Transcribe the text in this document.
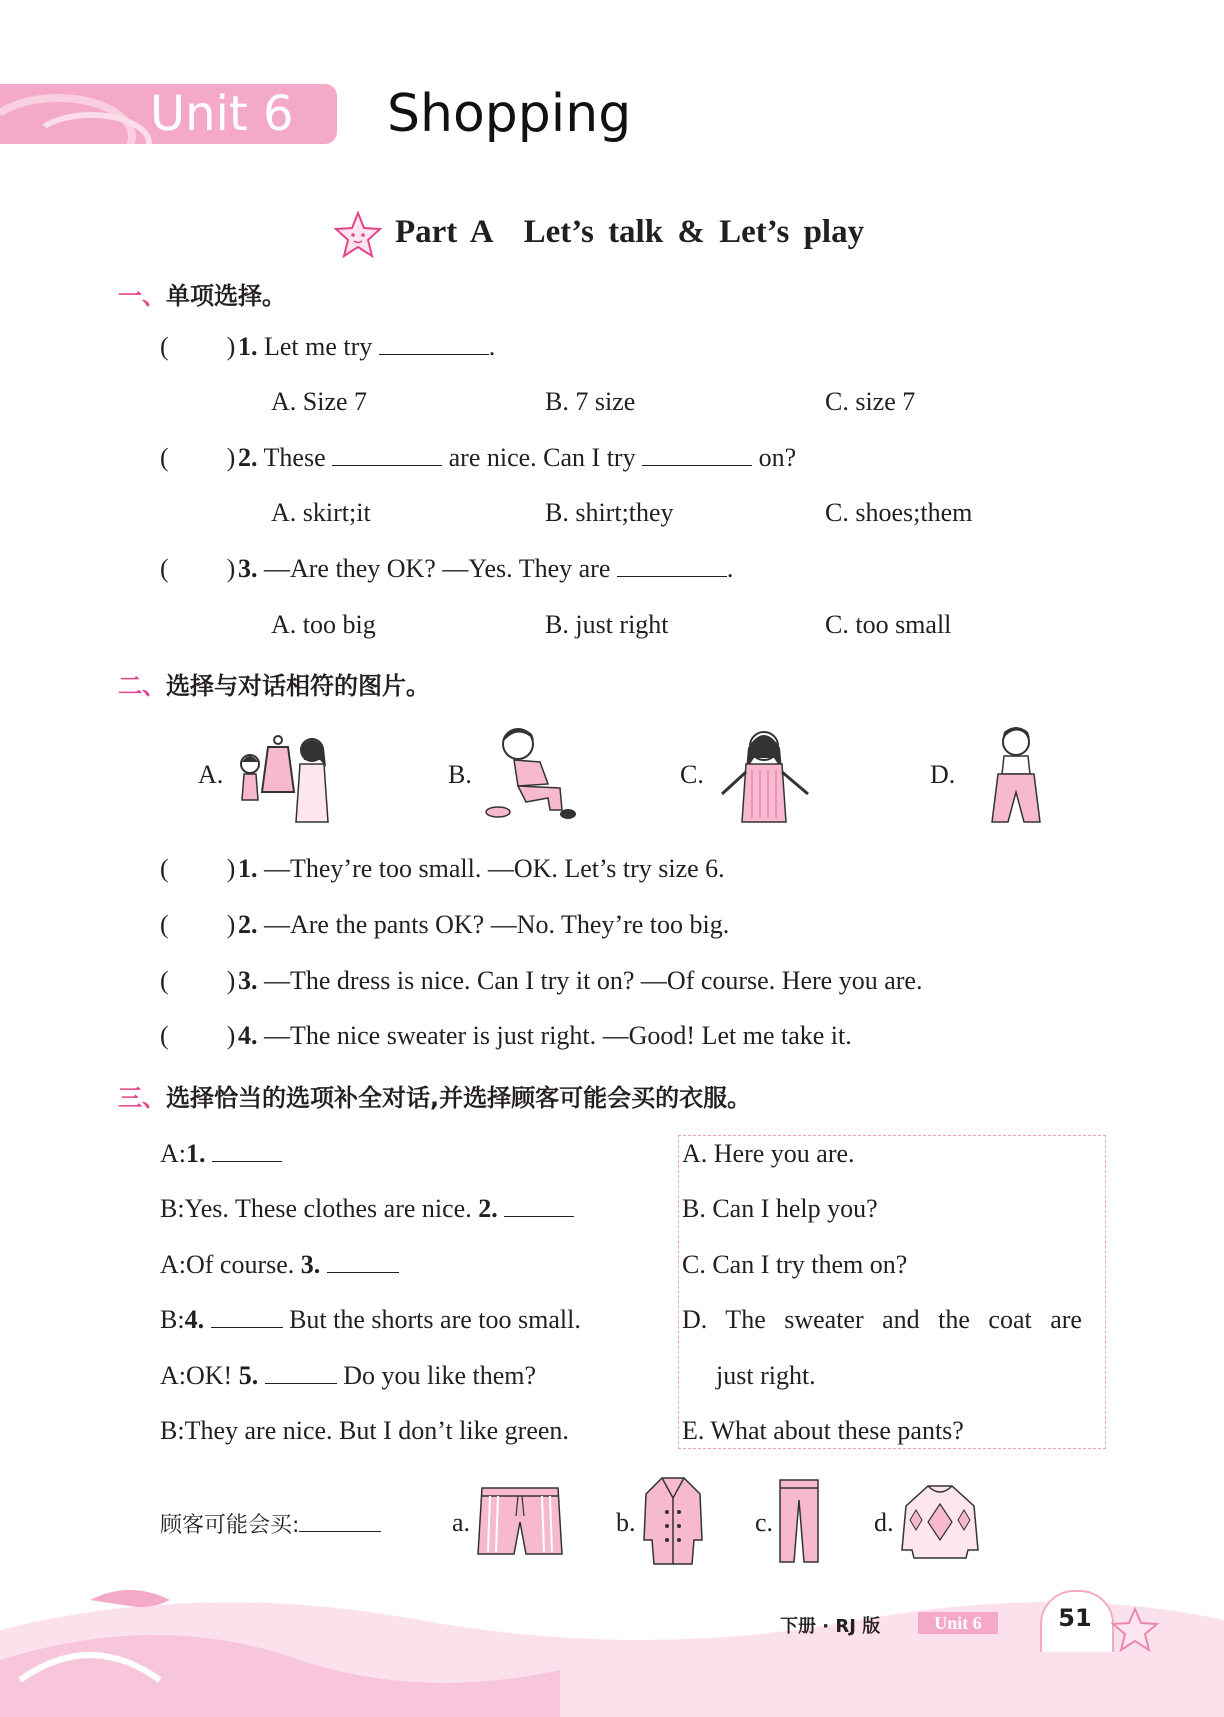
Unit 6 Shopping
Part A Let’s talk & Let’s play
一、单项选择。
( ) 1. Let me try	.
A. Size 7	B. 7 size	C. size 7
( ) 2. These	are nice. Can I try	on?
A. skirt;it	B. shirt;they	C. shoes;them
( ) 3. —Are they OK? —Yes. They are	.
A. too big	B. just right	C. too small
二、选择与对话相符的图片。
A.	B.	C.	D.
( ) 1. —They’re too small. —OK. Let’s try size 6.
( ) 2. —Are the pants OK? —No. They’re too big.
( ) 3. —The dress is nice. Can I try it on? —Of course. Here you are.
( ) 4. —The nice sweater is just right. —Good! Let me take it.
三、选择恰当的选项补全对话,并选择顾客可能会买的衣服。
A:1.
B:Yes. These clothes are nice. 2.
A:Of course. 3.
B:4.	But the shorts are too small.
A:OK! 5.	Do you like them?
B:They are nice. But I don’t like green.
A. Here you are.
B. Can I help you?
C. Can I try them on?
D. The sweater and the coat are
just right.
E. What about these pants?
顾客可能会买:	a.	b.	c.	d.
下册 · RJ 版	Unit 6	51
